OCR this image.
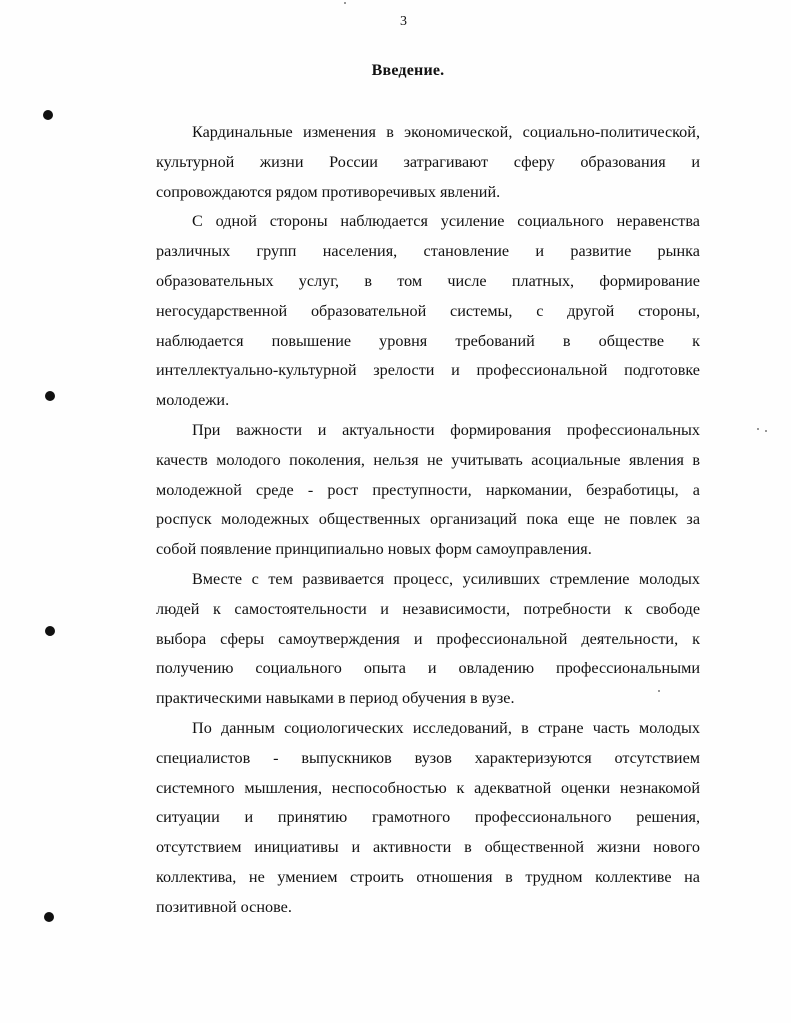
3
Введение.
Кардинальные изменения в экономической, социально-политической,
культурной жизни России затрагивают сферу образования и
сопровождаются рядом противоречивых явлений.
С одной стороны наблюдается усиление социального неравенства
различных групп населения, становление и развитие рынка
образовательных услуг, в том числе платных, формирование
негосударственной образовательной системы, с другой стороны,
наблюдается повышение уровня требований в обществе к
интеллектуально-культурной зрелости и профессиональной подготовке
молодежи.
При важности и актуальности формирования профессиональных
качеств молодого поколения, нельзя не учитывать асоциальные явления в
молодежной среде - рост преступности, наркомании, безработицы, а
роспуск молодежных общественных организаций пока еще не повлек за
собой появление принципиально новых форм самоуправления.
Вместе с тем развивается процесс, усиливших стремление молодых
людей к самостоятельности и независимости, потребности к свободе
выбора сферы самоутверждения и профессиональной деятельности, к
получению социального опыта и овладению профессиональными
практическими навыками в период обучения в вузе.
По данным социологических исследований, в стране часть молодых
специалистов - выпускников вузов характеризуются отсутствием
системного мышления, неспособностью к адекватной оценки незнакомой
ситуации и принятию грамотного профессионального решения,
отсутствием инициативы и активности в общественной жизни нового
коллектива, не умением строить отношения в трудном коллективе на
позитивной основе.
